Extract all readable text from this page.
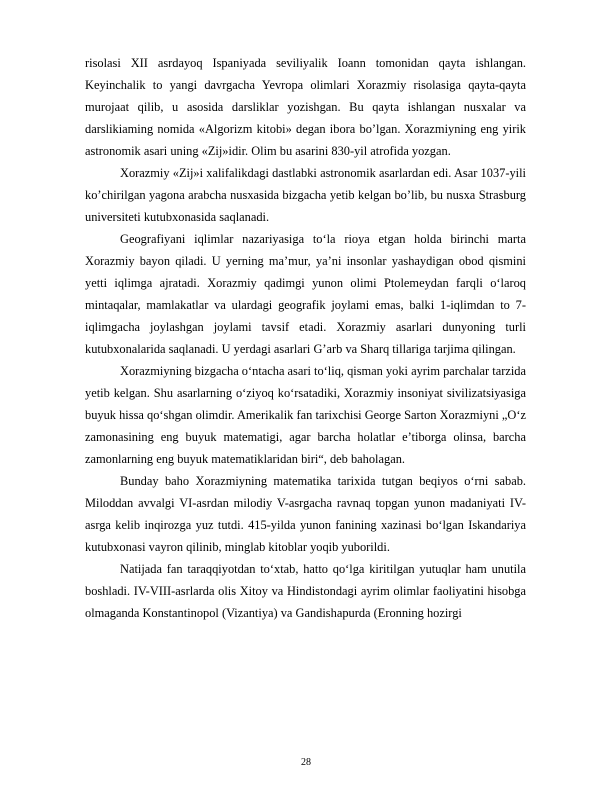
risolasi XII asrdayoq Ispaniyada seviliyalik Ioann tomonidan qayta ishlangan. Keyinchalik to yangi davrgacha Yevropa olimlari Xorazmiy risolasiga qayta-qayta murojaat qilib, u asosida darsliklar yozishgan. Bu qayta ishlangan nusxalar va darslikiaming nomida «Algorizm kitobi» degan ibora bo’lgan. Xorazmiyning eng yirik astronomik asari uning «Zij»idir. Olim bu asarini 830-yil atrofida yozgan.

Xorazmiy «Zij»i xalifalikdagi dastlabki astronomik asarlardan edi. Asar 1037-yili ko’chirilgan yagona arabcha nusxasida bizgacha yetib kelgan bo’lib, bu nusxa Strasburg universiteti kutubxonasida saqlanadi.

Geografiyani iqlimlar nazariyasiga to‘la rioya etgan holda birinchi marta Xorazmiy bayon qiladi. U yerning ma’mur, ya’ni insonlar yashaydigan obod qismini yetti iqlimga ajratadi. Xorazmiy qadimgi yunon olimi Ptolemeydan farqli o‘laroq mintaqalar, mamlakatlar va ulardagi geografik joylami emas, balki 1-iqlimdan to 7-iqlimgacha joylashgan joylami tavsif etadi. Xorazmiy asarlari dunyoning turli kutubxonalarida saqlanadi. U yerdagi asarlari G’arb va Sharq tillariga tarjima qilingan.

Xorazmiyning bizgacha o‘ntacha asari to‘liq, qisman yoki ayrim parchalar tarzida yetib kelgan. Shu asarlarning o‘ziyoq ko‘rsatadiki, Xorazmiy insoniyat sivilizatsiyasiga buyuk hissa qo‘shgan olimdir. Amerikalik fan tarixchisi George Sarton Xorazmiyni „O‘z zamonasining eng buyuk matematigi, agar barcha holatlar e’tiborga olinsa, barcha zamonlarning eng buyuk matematiklaridan biri“, deb baholagan.

Bunday baho Xorazmiyning matematika tarixida tutgan beqiyos o‘rni sabab. Miloddan avvalgi VI-asrdan milodiy V-asrgacha ravnaq topgan yunon madaniyati IV-asrga kelib inqirozga yuz tutdi. 415-yilda yunon fanining xazinasi bo‘lgan Iskandariya kutubxonasi vayron qilinib, minglab kitoblar yoqib yuborildi.

Natijada fan taraqqiyotdan to‘xtab, hatto qo‘lga kiritilgan yutuqlar ham unutila boshladi. IV-VIII-asrlarda olis Xitoy va Hindistondagi ayrim olimlar faoliyatini hisobga olmaganda Konstantinopol (Vizantiya) va Gandishapurda (Eronning hozirgi

28
